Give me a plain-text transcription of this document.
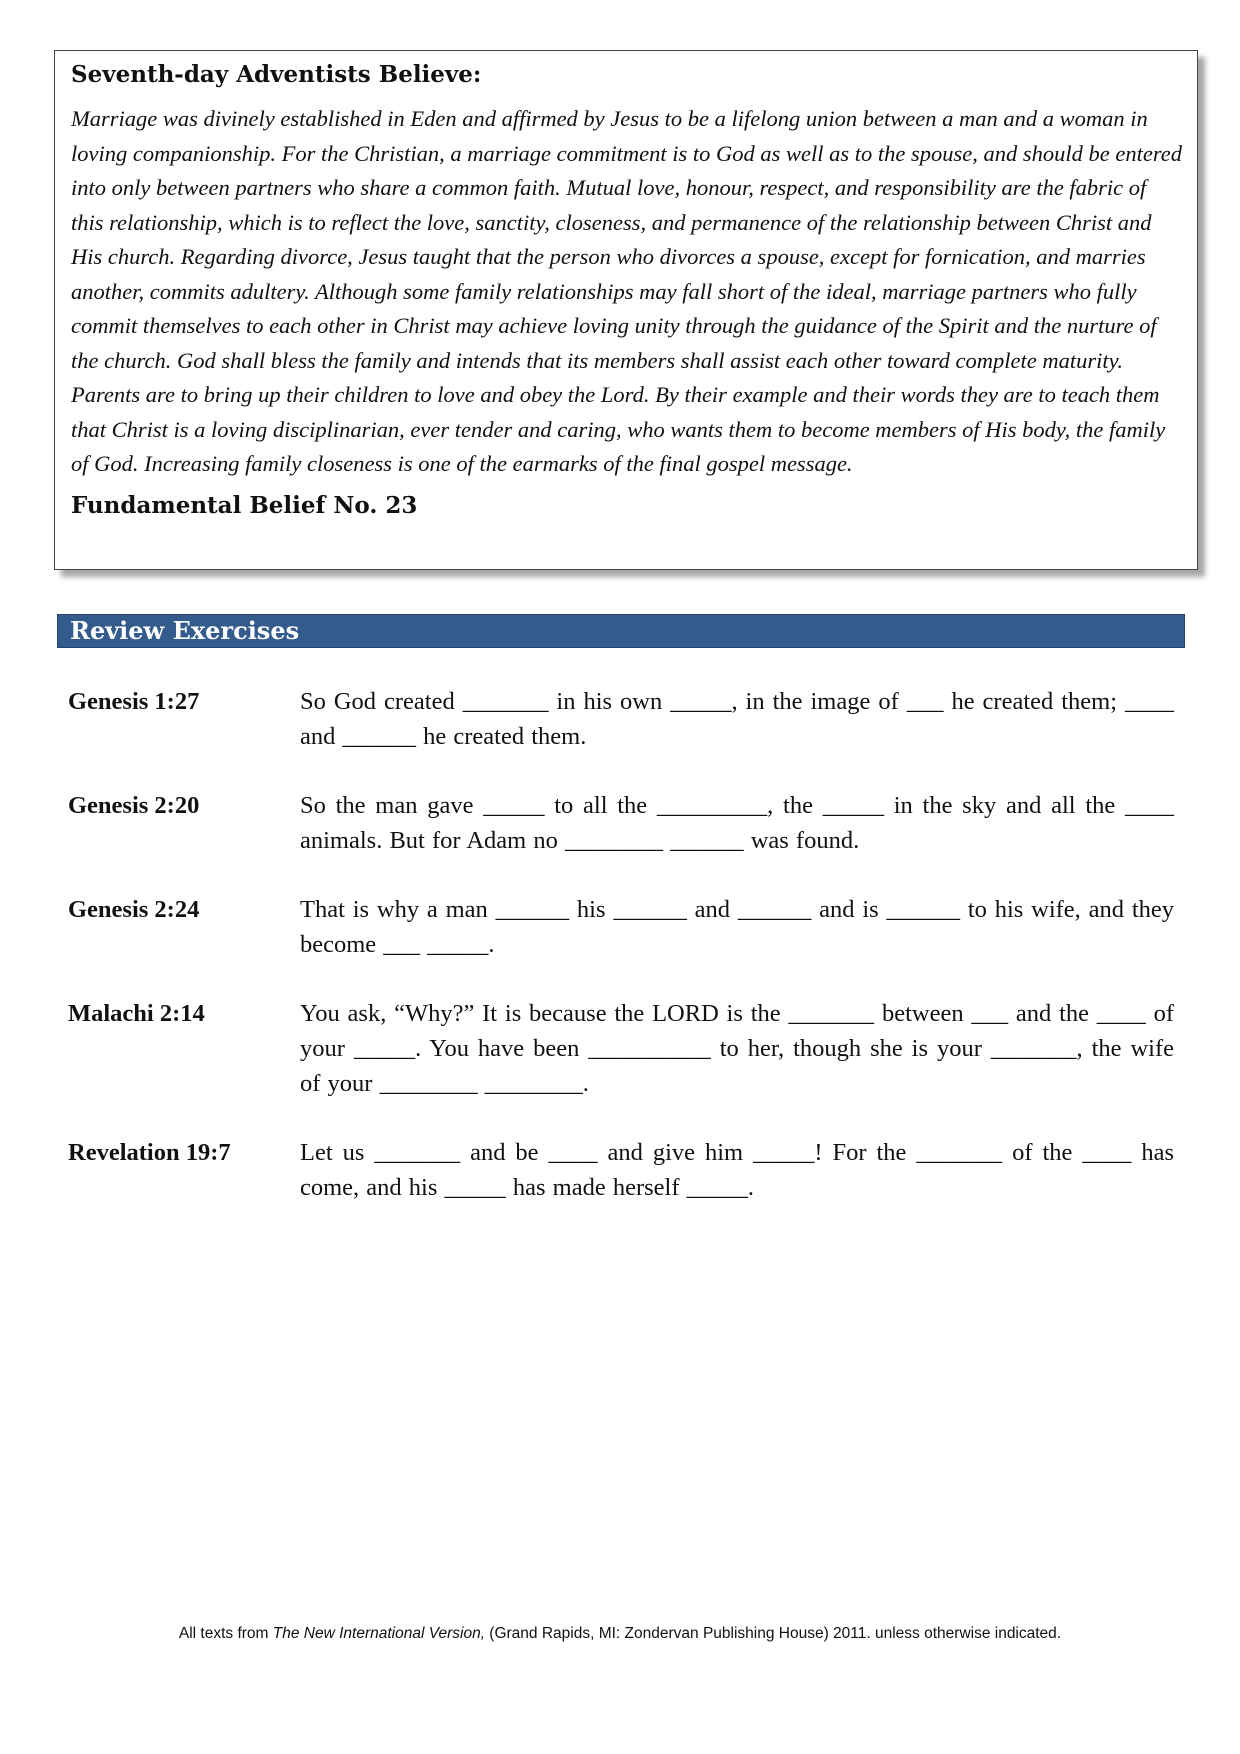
Seventh-day Adventists Believe:

Marriage was divinely established in Eden and affirmed by Jesus to be a lifelong union between a man and a woman in loving companionship. For the Christian, a marriage commitment is to God as well as to the spouse, and should be entered into only between partners who share a common faith. Mutual love, honour, respect, and responsibility are the fabric of this relationship, which is to reflect the love, sanctity, closeness, and permanence of the relationship between Christ and His church. Regarding divorce, Jesus taught that the person who divorces a spouse, except for fornication, and marries another, commits adultery. Although some family relationships may fall short of the ideal, marriage partners who fully commit themselves to each other in Christ may achieve loving unity through the guidance of the Spirit and the nurture of the church. God shall bless the family and intends that its members shall assist each other toward complete maturity. Parents are to bring up their children to love and obey the Lord. By their example and their words they are to teach them that Christ is a loving disciplinarian, ever tender and caring, who wants them to become members of His body, the family of God. Increasing family closeness is one of the earmarks of the final gospel message.

Fundamental Belief No. 23
Review Exercises
Genesis 1:27	So God created _______ in his own _____, in the image of ___ he created them; ____ and ______ he created them.
Genesis 2:20	So the man gave _____ to all the _________, the _____ in the sky and all the ____ animals. But for Adam no ________ ______ was found.
Genesis 2:24	That is why a man ______ his ______ and ______ and is ______ to his wife, and they become ___ _____.
Malachi 2:14	You ask, “Why?” It is because the LORD is the _______ between ___ and the ____ of your _____. You have been __________ to her, though she is your _______, the wife of your ________ ________.
Revelation 19:7	Let us _______ and be ____ and give him _____! For the _______ of the ____ has come, and his _____ has made herself _____.
All texts from The New International Version, (Grand Rapids, MI: Zondervan Publishing House) 2011. unless otherwise indicated.
